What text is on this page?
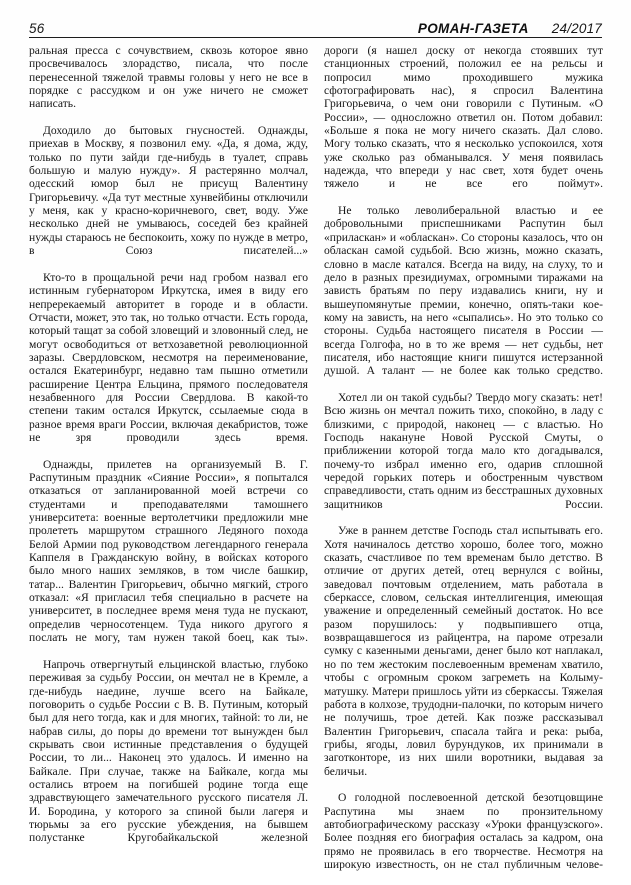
56	РОМАН-ГАЗЕТА 24/2017

ральная пресса с сочувствием, сквозь которое явно просвечивалось злорадство, писала, что после перенесенной тяжелой травмы головы у него не все в порядке с рассудком и он уже ничего не сможет написать.

Доходило до бытовых гнусностей. Однажды, приехав в Москву, я позвонил ему. «Да, я дома, жду, только по пути зайди где-нибудь в туалет, справь большую и малую нужду». Я растерянно молчал, одесский юмор был не присущ Валентину Григорьевичу. «Да тут местные хунвейбины отключили у меня, как у красно-коричневого, свет, воду. Уже несколько дней не умываюсь, соседей без крайней нужды стараюсь не беспокоить, хожу по нужде в метро, в Союз писателей...»

Кто-то в прощальной речи над гробом назвал его истинным губернатором Иркутска, имея в виду его непререкаемый авторитет в городе и в области. Отчасти, может, это так, но только отчасти. Есть города, который тащат за собой зловещий и зловонный след, не могут освободиться от ветхозаветной революционной заразы. Свердловском, несмотря на переименование, остался Екатеринбург, недавно там пышно отметили расширение Центра Ельцина, прямого последователя незабвенного для России Свердлова. В какой-то степени таким остался Иркутск, ссылаемые сюда в разное время враги России, включая декабристов, тоже не зря проводили здесь время.

Однажды, прилетев на организуемый В. Г. Распутиным праздник «Сияние России», я попытался отказаться от запланированной моей встречи со студентами и преподавателями тамошнего университета: военные вертолетчики предложили мне пролететь маршрутом страшного Ледяного похода Белой Армии под руководством легендарного генерала Каппеля в Гражданскую войну, в войсках которого было много наших земляков, в том числе башкир, татар... Валентин Григорьевич, обычно мягкий, строго отказал: «Я пригласил тебя специально в расчете на университет, в последнее время меня туда не пускают, определив черносотенцем. Туда никого другого я послать не могу, там нужен такой боец, как ты».

Напрочь отвергнутый ельцинской властью, глубоко переживая за судьбу России, он мечтал не в Кремле, а где-нибудь наедине, лучше всего на Байкале, поговорить о судьбе России с В. В. Путиным, который был для него тогда, как и для многих, тайной: то ли, не набрав силы, до поры до времени тот вынужден был скрывать свои истинные представления о будущей России, то ли... Наконец это удалось. И именно на Байкале. При случае, также на Байкале, когда мы остались втроем на погибшей родине тогда еще здравствующего замечательного русского писателя Л. И. Бородина, у которого за спиной были лагеря и тюрьмы за его русские убеждения, на бывшем полустанке Кругобайкальской железной

дороги (я нашел доску от некогда стоявших тут станционных строений, положил ее на рельсы и попросил мимо проходившего мужика сфотографировать нас), я спросил Валентина Григорьевича, о чем они говорили с Путиным. «О России», — односложно ответил он. Потом добавил: «Больше я пока не могу ничего сказать. Дал слово. Могу только сказать, что я несколько успокоился, хотя уже сколько раз обманывался. У меня появилась надежда, что впереди у нас свет, хотя будет очень тяжело и не все его поймут».

Не только леволиберальной властью и ее добровольными приспешниками Распутин был «приласкан» и «обласкан». Со стороны казалось, что он обласкан самой судьбой. Всю жизнь, можно сказать, словно в масле катался. Всегда на виду, на слуху, то и дело в разных президиумах, огромными тиражами на зависть братьям по перу издавались книги, ну и вышеупомянутые премии, конечно, опять-таки кое-кому на зависть, на него «сыпались». Но это только со стороны. Судьба настоящего писателя в России — всегда Голгофа, но в то же время — нет судьбы, нет писателя, ибо настоящие книги пишутся истерзанной душой. А талант — не более как только средство.

Хотел ли он такой судьбы? Твердо могу сказать: нет! Всю жизнь он мечтал пожить тихо, спокойно, в ладу с близкими, с природой, наконец — с властью. Но Господь накануне Новой Русской Смуты, о приближении которой тогда мало кто догадывался, почему-то избрал именно его, одарив сплошной чередой горьких потерь и обостренным чувством справедливости, стать одним из бесстрашных духовных защитников России.

Уже в раннем детстве Господь стал испытывать его. Хотя начиналось детство хорошо, более того, можно сказать, счастливое по тем временам было детство. В отличие от других детей, отец вернулся с войны, заведовал почтовым отделением, мать работала в сберкассе, словом, сельская интеллигенция, имеющая уважение и определенный семейный достаток. Но все разом порушилось: у подвыпившего отца, возвращавшегося из райцентра, на пароме отрезали сумку с казенными деньгами, денег было кот наплакал, но по тем жестоким послевоенным временам хватило, чтобы с огромным сроком загреметь на Колыму-матушку. Матери пришлось уйти из сберкассы. Тяжелая работа в колхозе, трудодни-палочки, по которым ничего не получишь, трое детей. Как позже рассказывал Валентин Григорьевич, спасала тайга и река: рыба, грибы, ягоды, ловил бурундуков, их принимали в заготконторе, из них шили воротники, выдавая за беличьи.

О голодной послевоенной детской безотцовщине Распутина мы знаем по пронзительному автобиографическому рассказу «Уроки французского». Более поздняя его биография осталась за кадром, она прямо не проявилась в его творчестве. Несмотря на широкую известность, он не стал публичным челове-
